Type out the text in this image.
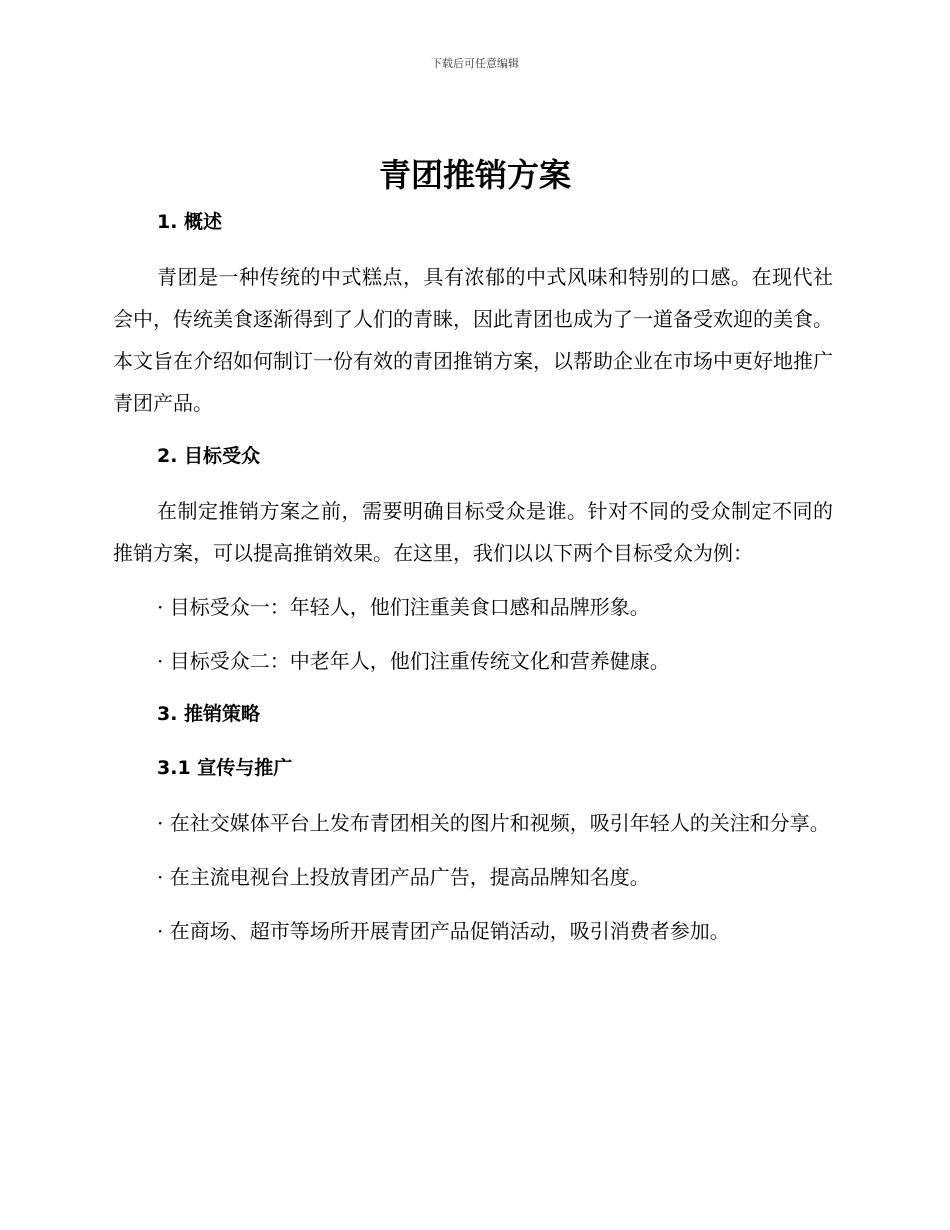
下载后可任意编辑
青团推销方案

1. 概述

青团是一种传统的中式糕点，具有浓郁的中式风味和特别的口感。在现代社会中，传统美食逐渐得到了人们的青睐，因此青团也成为了一道备受欢迎的美食。本文旨在介绍如何制订一份有效的青团推销方案，以帮助企业在市场中更好地推广青团产品。

2. 目标受众

在制定推销方案之前，需要明确目标受众是谁。针对不同的受众制定不同的推销方案，可以提高推销效果。在这里，我们以以下两个目标受众为例：

· 目标受众一：年轻人，他们注重美食口感和品牌形象。

· 目标受众二：中老年人，他们注重传统文化和营养健康。

3. 推销策略

3.1 宣传与推广

· 在社交媒体平台上发布青团相关的图片和视频，吸引年轻人的关注和分享。

· 在主流电视台上投放青团产品广告，提高品牌知名度。

· 在商场、超市等场所开展青团产品促销活动，吸引消费者参加。
